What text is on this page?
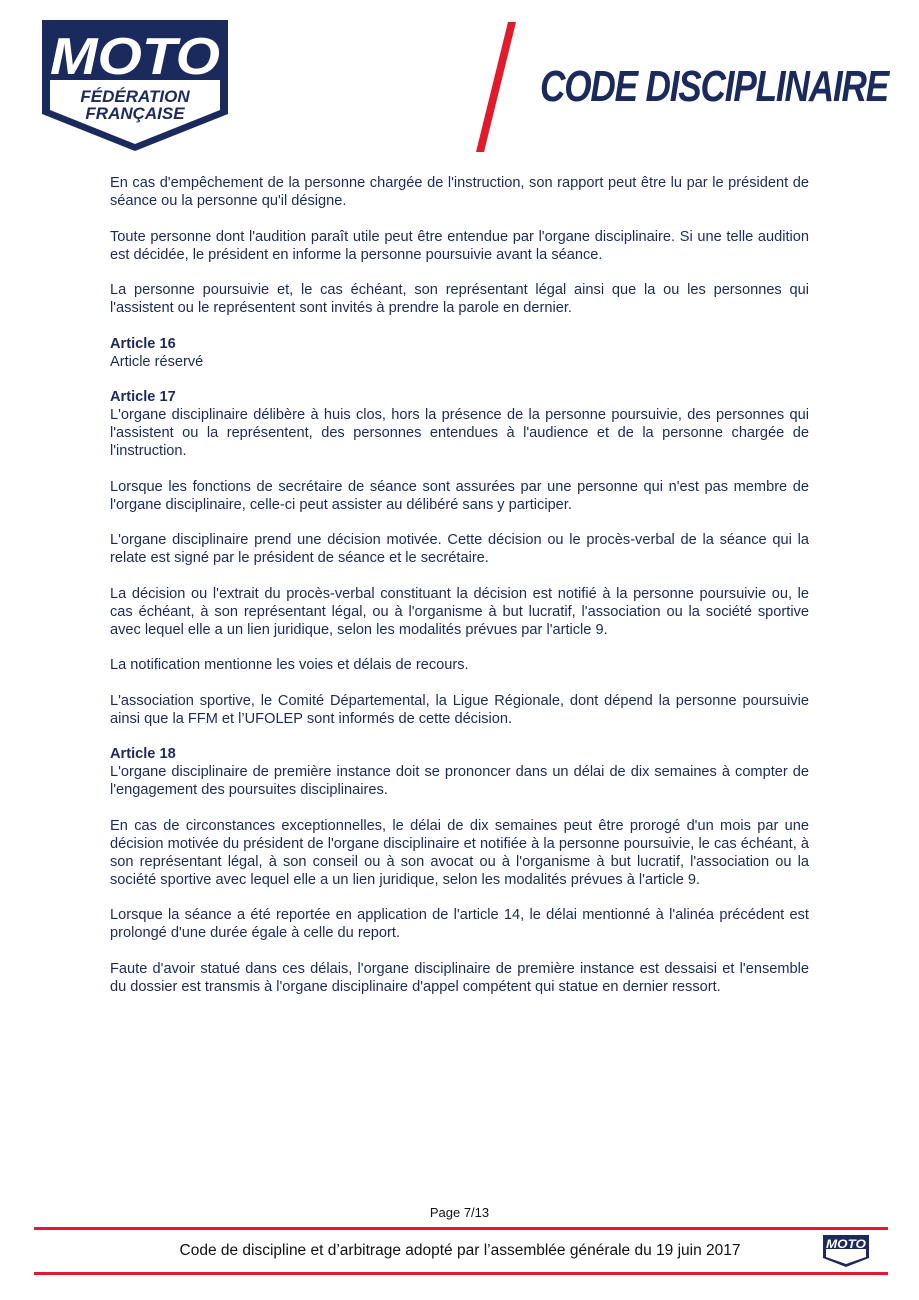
MOTO
FÉDÉRATION
FRANÇAISE
CODE DISCIPLINAIRE

En cas d'empêchement de la personne chargée de l'instruction, son rapport peut être lu par le président de séance ou la personne qu'il désigne.

Toute personne dont l'audition paraît utile peut être entendue par l'organe disciplinaire. Si une telle audition est décidée, le président en informe la personne poursuivie avant la séance.

La personne poursuivie et, le cas échéant, son représentant légal ainsi que la ou les personnes qui l'assistent ou le représentent sont invités à prendre la parole en dernier.

Article 16
Article réservé
Article 17
L'organe disciplinaire délibère à huis clos, hors la présence de la personne poursuivie, des personnes qui l'assistent ou la représentent, des personnes entendues à l'audience et de la personne chargée de l'instruction.

Lorsque les fonctions de secrétaire de séance sont assurées par une personne qui n'est pas membre de l'organe disciplinaire, celle-ci peut assister au délibéré sans y participer.

L'organe disciplinaire prend une décision motivée. Cette décision ou le procès-verbal de la séance qui la relate est signé par le président de séance et le secrétaire.

La décision ou l'extrait du procès-verbal constituant la décision est notifié à la personne poursuivie ou, le cas échéant, à son représentant légal, ou à l'organisme à but lucratif, l'association ou la société sportive avec lequel elle a un lien juridique, selon les modalités prévues par l'article 9.

La notification mentionne les voies et délais de recours.

L'association sportive, le Comité Départemental, la Ligue Régionale, dont dépend la personne poursuivie ainsi que la FFM et l’UFOLEP sont informés de cette décision.

Article 18
L'organe disciplinaire de première instance doit se prononcer dans un délai de dix semaines à compter de l'engagement des poursuites disciplinaires.

En cas de circonstances exceptionnelles, le délai de dix semaines peut être prorogé d'un mois par une décision motivée du président de l'organe disciplinaire et notifiée à la personne poursuivie, le cas échéant, à son représentant légal, à son conseil ou à son avocat ou à l'organisme à but lucratif, l'association ou la société sportive avec lequel elle a un lien juridique, selon les modalités prévues à l'article 9.

Lorsque la séance a été reportée en application de l'article 14, le délai mentionné à l'alinéa précédent est prolongé d'une durée égale à celle du report.

Faute d'avoir statué dans ces délais, l'organe disciplinaire de première instance est dessaisi et l'ensemble du dossier est transmis à l'organe disciplinaire d'appel compétent qui statue en dernier ressort.

Page 7/13
Code de discipline et d’arbitrage adopté par l’assemblée générale du 19 juin 2017	MOTO
